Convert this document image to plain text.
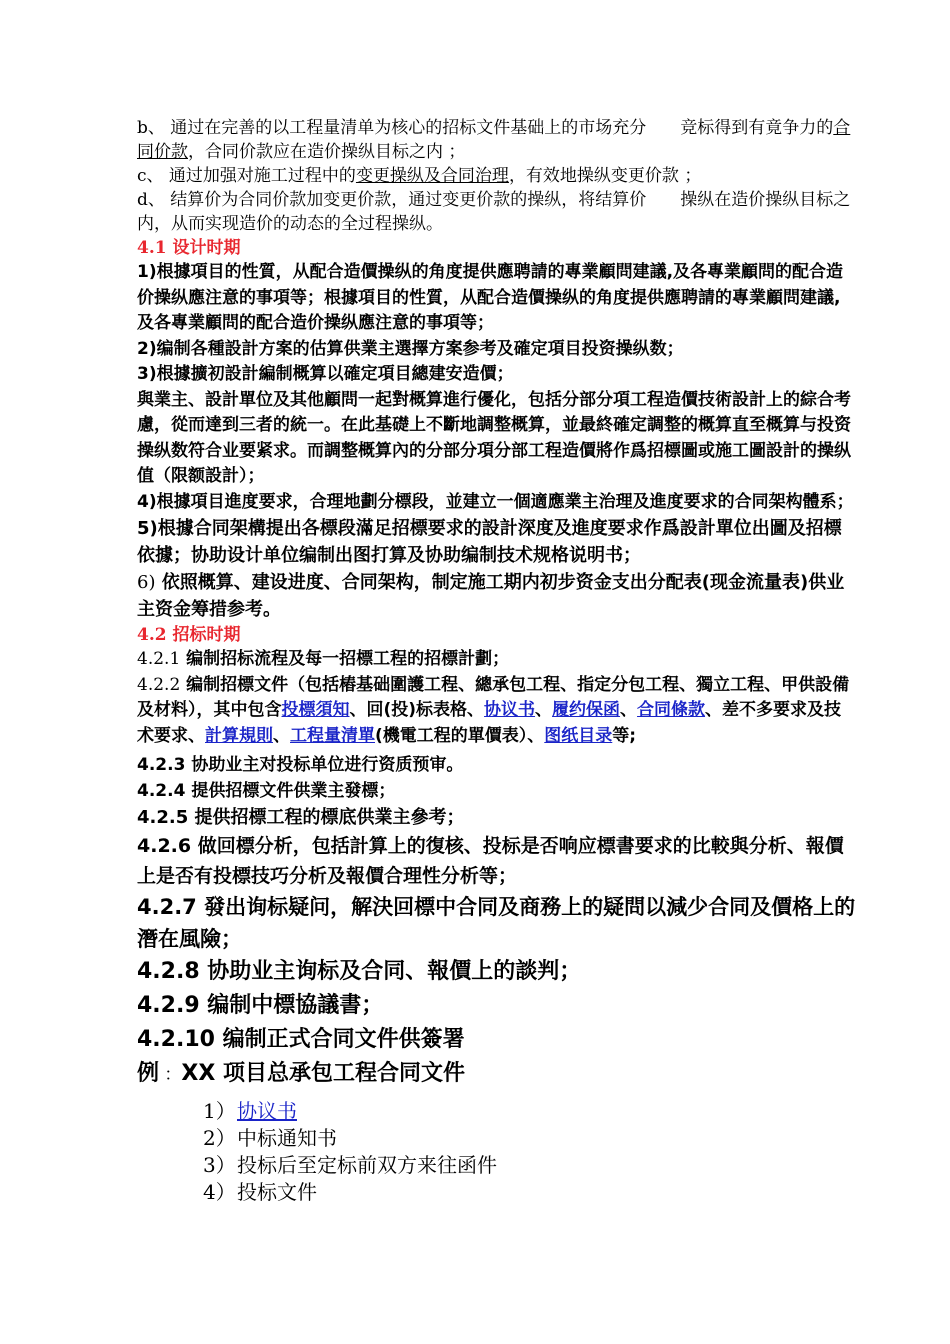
b、 通过在完善的以工程量清单为核心的招标文件基础上的市场充分 竞标得到有竟争力的合同价款，合同价款应在造价操纵目标之内 ；

c、 通过加强对施工过程中的变更操纵及合同治理，有效地操纵变更价款 ；

d、 结算价为合同价款加变更价款，通过变更价款的操纵，将结算价 操纵在造价操纵目标之内，从而实现造价的动态的全过程操纵。

4.1 设计时期

1)根據項目的性質，从配合造價操纵的角度提供應聘請的專業顧問建議,及各專業顧問的配合造价操纵應注意的事項等；根據項目的性質，从配合造價操纵的角度提供應聘請的專業顧問建議,及各專業顧問的配合造价操纵應注意的事項等；

2)编制各種設計方案的估算供業主選擇方案参考及確定項目投资操纵数；

3)根據擴初設計編制概算以確定項目總建安造價；

與業主、設計單位及其他顧問一起對概算進行優化，包括分部分項工程造價技術設計上的綜合考慮，從而達到三者的統一。在此基礎上不斷地調整概算，並最終確定調整的概算直至概算与投资操纵数符合业要紧求。而調整概算內的分部分項分部工程造價將作爲招標圖或施工圖設計的操纵值（限额設計）；

4)根據項目進度要求，合理地劃分標段，並建立一個適應業主治理及進度要求的合同架构體系；

5)根據合同架構提出各標段滿足招標要求的設計深度及進度要求作爲設計單位出圖及招標依據；协助设计单位编制出图打算及协助编制技术规格说明书；

6) 依照概算、建设进度、合同架构，制定施工期内初步资金支出分配表(现金流量表)供业主资金筹措参考。

4.2 招标时期

4.2.1 编制招标流程及每一招標工程的招標計劃；

4.2.2 编制招標文件（包括樁基础圍護工程、總承包工程、指定分包工程、獨立工程、甲供設備及材料），其中包含投標須知、回(投)标表格、协议书、履约保函、合同條款、差不多要求及技术要求、計算規則、工程量清單(機電工程的單價表）、图纸目录等;

4.2.3 协助业主对投标单位进行资质预审。

4.2.4 提供招標文件供業主發標；

4.2.5 提供招標工程的標底供業主參考；

4.2.6 做回標分析，包括計算上的復核、投标是否响应標書要求的比較與分析、報價上是否有投標技巧分析及報價合理性分析等；

4.2.7 發出询标疑问，解決回標中合同及商務上的疑問以減少合同及價格上的潛在風險；

4.2.8 协助业主询标及合同、報價上的談判；

4.2.9 编制中標協議書；

4.2.10 编制正式合同文件供簽署

例 ：XX 项目总承包工程合同文件

1）协议书

2）中标通知书

3）投标后至定标前双方来往函件

4）投标文件
